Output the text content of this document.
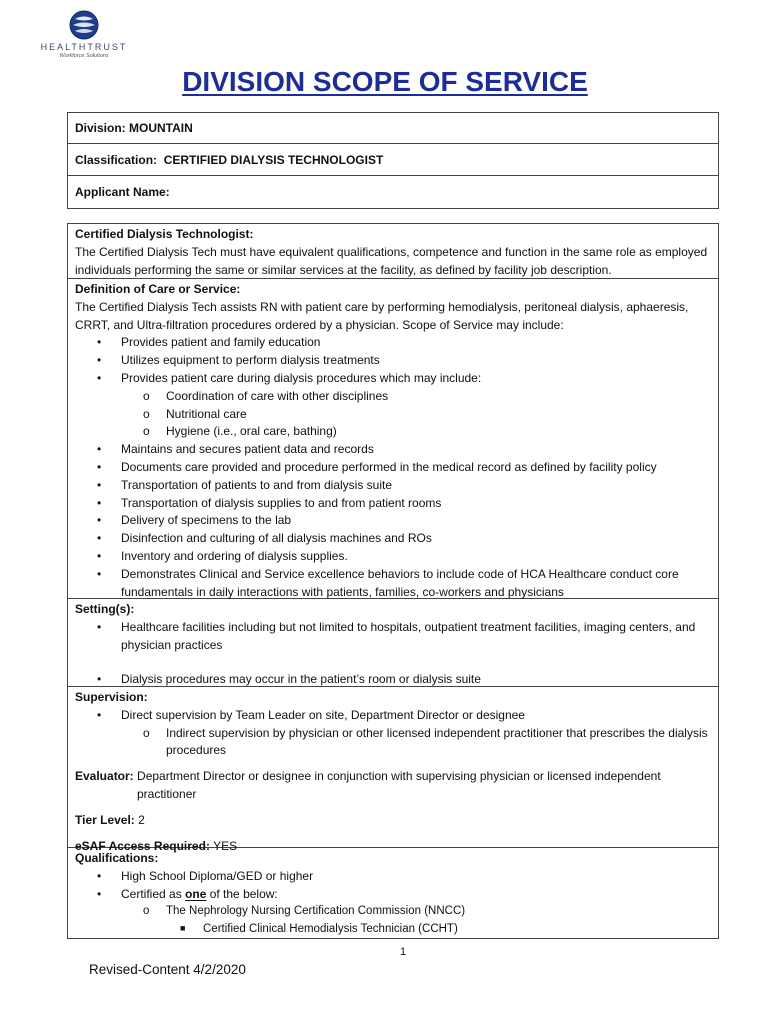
HEALTHTRUST
Workforce Solutions
DIVISION SCOPE OF SERVICE
Division:
MOUNTAIN
Classification:
CERTIFIED DIALYSIS TECHNOLOGIST
Applicant Name:

Certified Dialysis Technologist:
The Certified Dialysis Tech must have equivalent qualifications, competence and function in the same role as employed individuals performing the same or similar services at the facility, as defined by facility job description.
Definition of Care or Service:
The Certified Dialysis Tech assists RN with patient care by performing hemodialysis, peritoneal dialysis, aphaeresis, CRRT, and Ultra-filtration procedures ordered by a physician. Scope of Service may include:
• Provides patient and family education
• Utilizes equipment to perform dialysis treatments
• Provides patient care during dialysis procedures which may include:
o Coordination of care with other disciplines
o Nutritional care
o Hygiene (i.e., oral care, bathing)
• Maintains and secures patient data and records
• Documents care provided and procedure performed in the medical record as defined by facility policy
• Transportation of patients to and from dialysis suite
• Transportation of dialysis supplies to and from patient rooms
• Delivery of specimens to the lab
• Disinfection and culturing of all dialysis machines and ROs
• Inventory and ordering of dialysis supplies.
• Demonstrates Clinical and Service excellence behaviors to include code of HCA Healthcare conduct core fundamentals in daily interactions with patients, families, co-workers and physicians
Setting(s):
• Healthcare facilities including but not limited to hospitals, outpatient treatment facilities, imaging centers, and physician practices
• Dialysis procedures may occur in the patient’s room or dialysis suite
Supervision:
• Direct supervision by Team Leader on site, Department Director or designee
o Indirect supervision by physician or other licensed independent practitioner that prescribes the dialysis procedures
Evaluator: Department Director or designee in conjunction with supervising physician or licensed independent practitioner
Tier Level: 2
eSAF Access Required: YES
Qualifications:
• High School Diploma/GED or higher
• Certified as one of the below:
o The Nephrology Nursing Certification Commission (NNCC)
■ Certified Clinical Hemodialysis Technician (CCHT)
1
Revised-Content 4/2/2020
